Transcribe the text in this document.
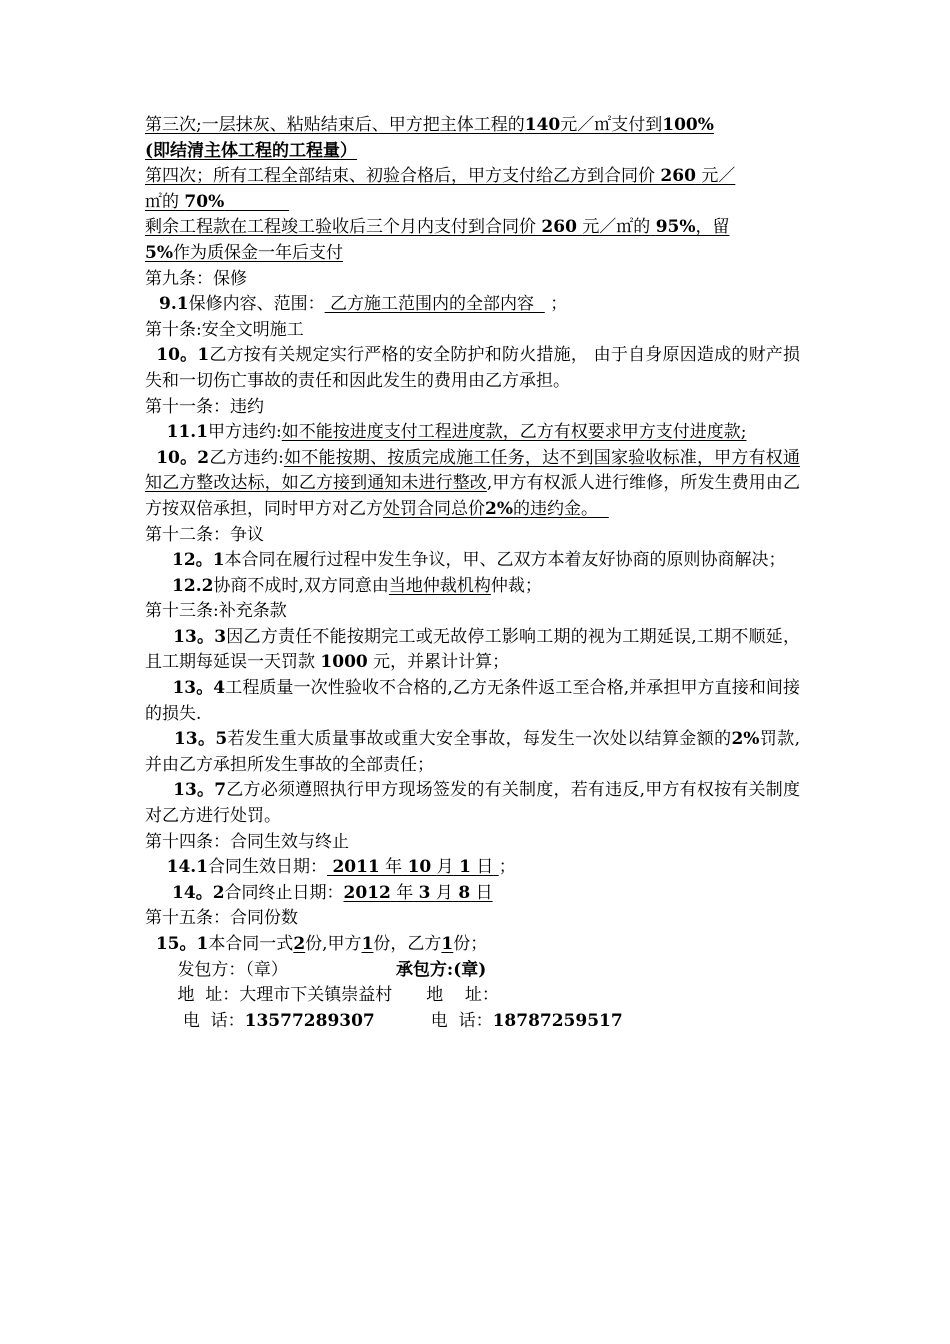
第三次;一层抹灰、粘贴结束后、甲方把主体工程的140元／㎡支付到100%
(即结清主体工程的工程量）
第四次；所有工程全部结束、初验合格后，甲方支付给乙方到合同价 260 元／
㎡的 70%
剩余工程款在工程竣工验收后三个月内支付到合同价 260 元／㎡的 95%，留
5%作为质保金一年后支付
第九条：保修
9.1保修内容、范围： 乙方施工范围内的全部内容 ；
第十条:安全文明施工
10。1乙方按有关规定实行严格的安全防护和防火措施， 由于自身原因造成的财产损失和一切伤亡事故的责任和因此发生的费用由乙方承担。
第十一条：违约
11.1甲方违约:如不能按进度支付工程进度款，乙方有权要求甲方支付进度款;
10。2乙方违约:如不能按期、按质完成施工任务，达不到国家验收标准，甲方有权通知乙方整改达标，如乙方接到通知未进行整改,甲方有权派人进行维修，所发生费用由乙方按双倍承担，同时甲方对乙方处罚合同总价2%的违约金。
第十二条：争议
12。1本合同在履行过程中发生争议，甲、乙双方本着友好协商的原则协商解决；
12.2协商不成时,双方同意由当地仲裁机构仲裁；
第十三条:补充条款
13。3因乙方责任不能按期完工或无故停工影响工期的视为工期延误,工期不顺延，且工期每延误一天罚款 1000 元，并累计计算；
13。4工程质量一次性验收不合格的,乙方无条件返工至合格,并承担甲方直接和间接的损失.
13。5若发生重大质量事故或重大安全事故，每发生一次处以结算金额的2%罚款,并由乙方承担所发生事故的全部责任；
13。7乙方必须遵照执行甲方现场签发的有关制度，若有违反,甲方有权按有关制度对乙方进行处罚。
第十四条：合同生效与终止
14.1合同生效日期： 2011 年 10 月 1 日 ；
14。2合同终止日期：2012 年 3 月 8 日
第十五条：合同份数
15。1本合同一式2份,甲方1份，乙方1份；
发包方：（章）	承包方:(章)
地  址：大理市下关镇崇益村 地    址：
电  话：13577289307	电  话：18787259517
